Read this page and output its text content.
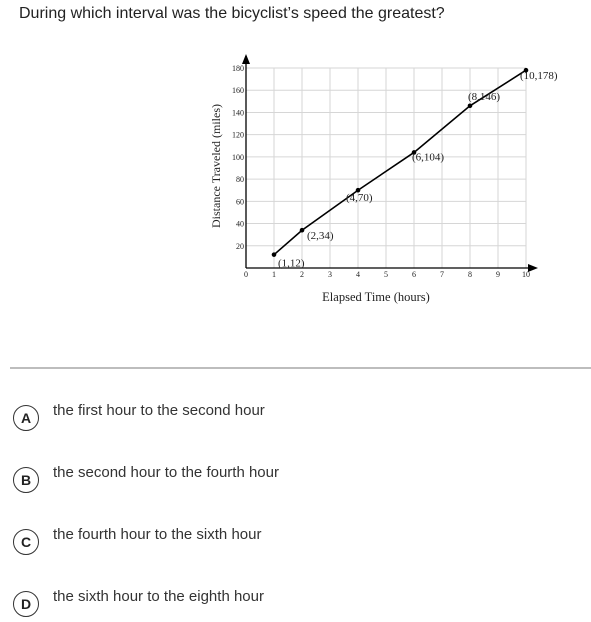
During which interval was the bicyclist’s speed the greatest?
0	1	2	3	4	5	6	7	8	9	10
20
40
60
80
100
120
140
160
180
(1,12)
(2,34)
(4,70)
(6,104)
(8,146)
(10,178)
Distance Traveled (miles)
Elapsed Time (hours)
A	the first hour to the second hour
B	the second hour to the fourth hour
C	the fourth hour to the sixth hour
D	the sixth hour to the eighth hour
